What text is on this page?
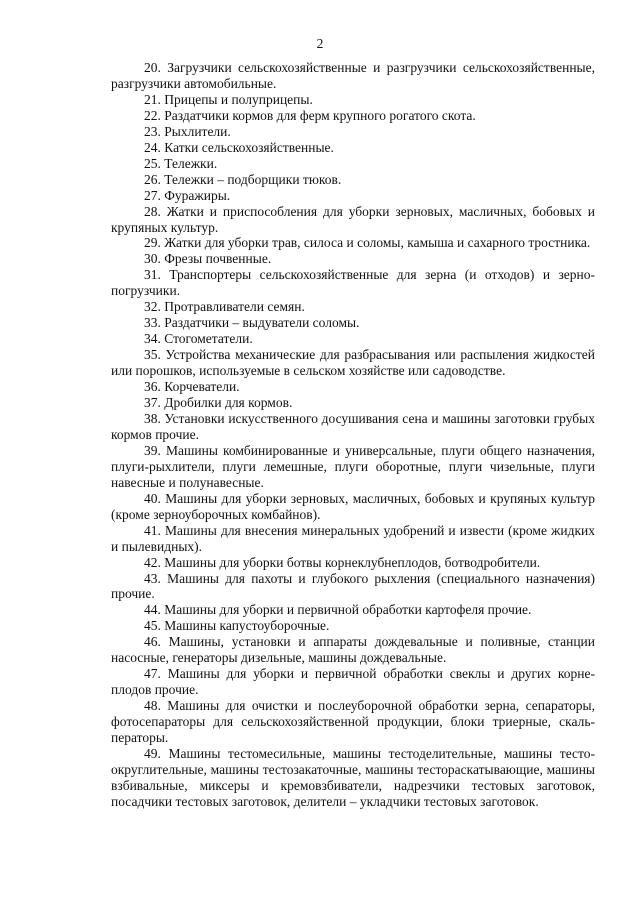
2

20. Загрузчики сельскохозяйственные и разгрузчики сельскохозяйственные, разгрузчики автомобильные.

21. Прицепы и полуприцепы.

22. Раздатчики кормов для ферм крупного рогатого скота.

23. Рыхлители.

24. Катки сельскохозяйственные.

25. Тележки.

26. Тележки – подборщики тюков.

27. Фуражиры.

28. Жатки и приспособления для уборки зерновых, масличных, бобовых и крупяных культур.

29. Жатки для уборки трав, силоса и соломы, камыша и сахарного тростника.

30. Фрезы почвенные.

31. Транспортеры сельскохозяйственные для зерна (и отходов) и зернопогрузчики.

32. Протравливатели семян.

33. Раздатчики – выдуватели соломы.

34. Стогометатели.

35. Устройства механические для разбрасывания или распыления жидкостей или порошков, используемые в сельском хозяйстве или садоводстве.

36. Корчеватели.

37. Дробилки для кормов.

38. Установки искусственного досушивания сена и машины заготовки грубых кормов прочие.

39. Машины комбинированные и универсальные, плуги общего назначения, плуги-рыхлители, плуги лемешные, плуги оборотные, плуги чизельные, плуги навесные и полунавесные.

40. Машины для уборки зерновых, масличных, бобовых и крупяных культур (кроме зерноуборочных комбайнов).

41. Машины для внесения минеральных удобрений и извести (кроме жидких и пылевидных).

42. Машины для уборки ботвы корнеклубнеплодов, ботводробители.

43. Машины для пахоты и глубокого рыхления (специального назначения) прочие.

44. Машины для уборки и первичной обработки картофеля прочие.

45. Машины капустоуборочные.

46. Машины, установки и аппараты дождевальные и поливные, станции насосные, генераторы дизельные, машины дождевальные.

47. Машины для уборки и первичной обработки свеклы и других корнеплодов прочие.

48. Машины для очистки и послеуборочной обработки зерна, сепараторы, фотосепараторы для сельскохозяйственной продукции, блоки триерные, скальператоры.

49. Машины тестомесильные, машины тестоделительные, машины тестоокруглительные, машины тестозакаточные, машины тестораскатывающие, машины взбивальные, миксеры и кремовзбиватели, надрезчики тестовых заготовок, посадчики тестовых заготовок, делители – укладчики тестовых заготовок.
